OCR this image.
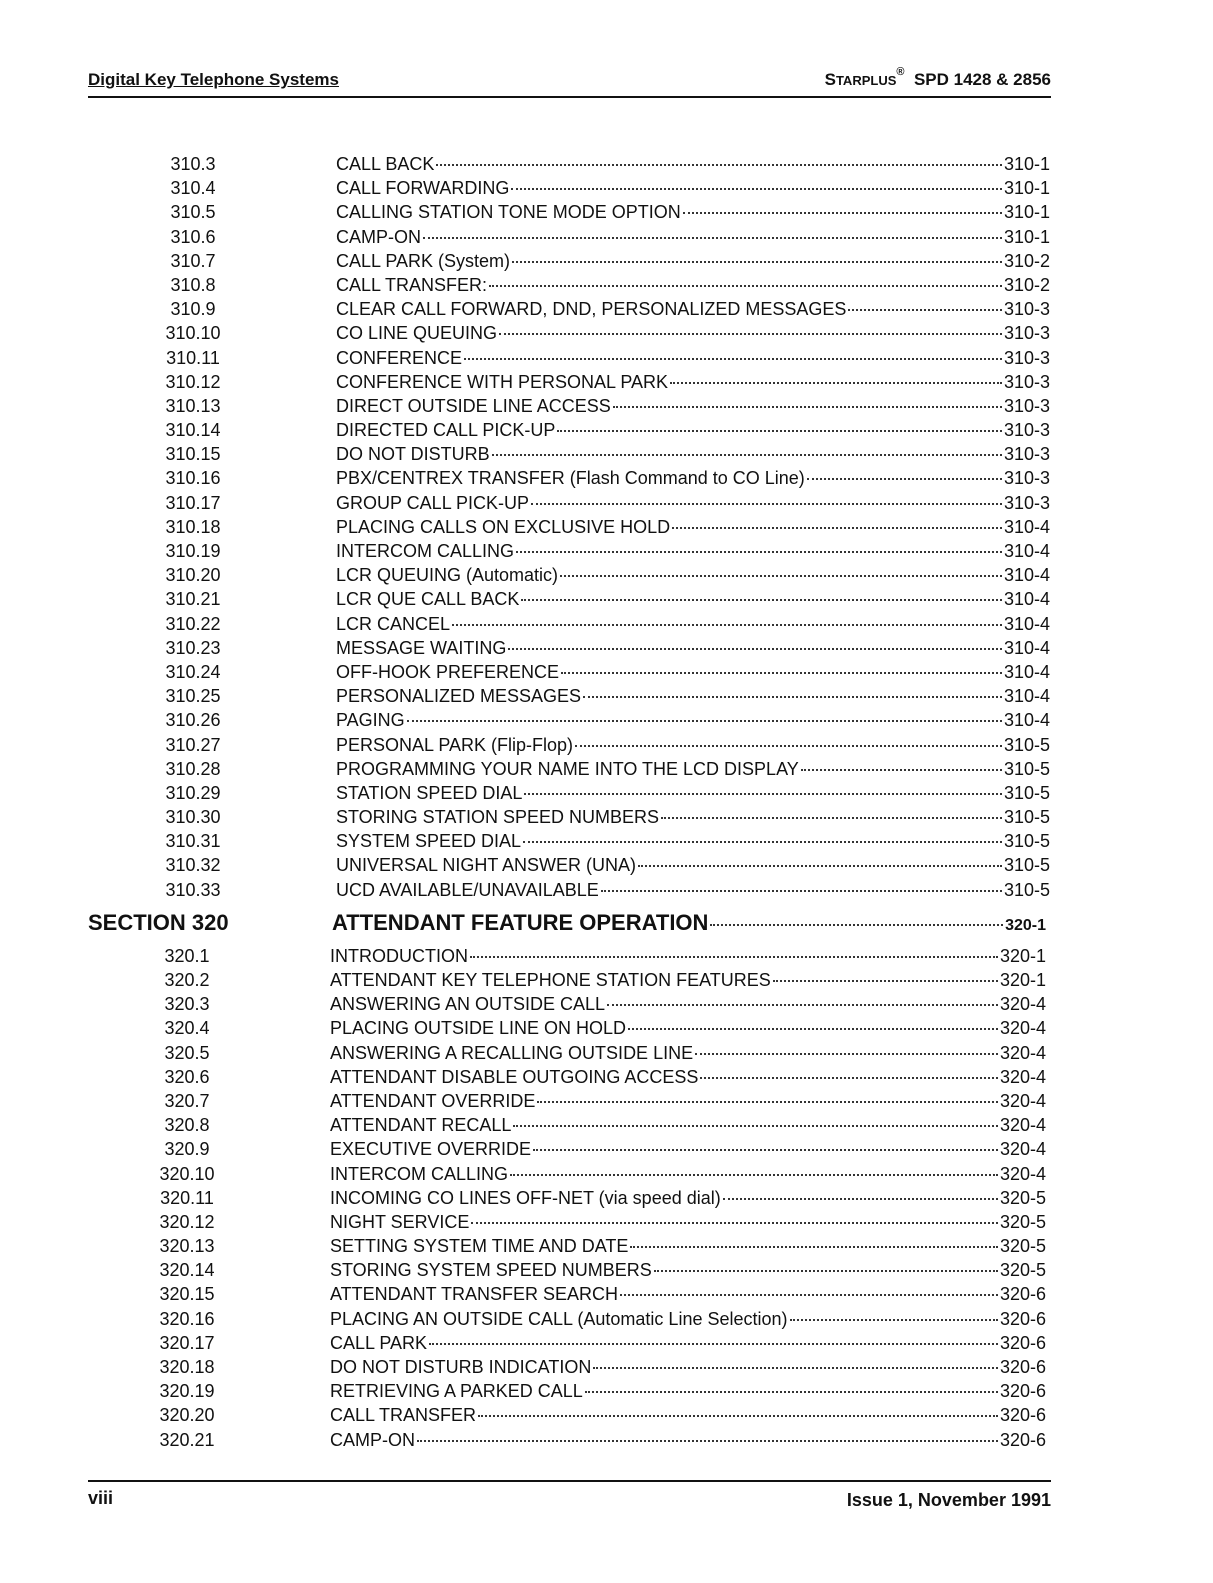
Digital Key Telephone Systems	STARPLUS® SPD 1428 & 2856
310.3	CALL BACK	310-1
310.4	CALL FORWARDING	310-1
310.5	CALLING STATION TONE MODE OPTION	310-1
310.6	CAMP-ON	310-1
310.7	CALL PARK (System)	310-2
310.8	CALL TRANSFER:	310-2
310.9	CLEAR CALL FORWARD, DND, PERSONALIZED MESSAGES	310-3
310.10	CO LINE QUEUING	310-3
310.11	CONFERENCE	310-3
310.12	CONFERENCE WITH PERSONAL PARK	310-3
310.13	DIRECT OUTSIDE LINE ACCESS	310-3
310.14	DIRECTED CALL PICK-UP	310-3
310.15	DO NOT DISTURB	310-3
310.16	PBX/CENTREX TRANSFER (Flash Command to CO Line)	310-3
310.17	GROUP CALL PICK-UP	310-3
310.18	PLACING CALLS ON EXCLUSIVE HOLD	310-4
310.19	INTERCOM CALLING	310-4
310.20	LCR QUEUING (Automatic)	310-4
310.21	LCR QUE CALL BACK	310-4
310.22	LCR CANCEL	310-4
310.23	MESSAGE WAITING	310-4
310.24	OFF-HOOK PREFERENCE	310-4
310.25	PERSONALIZED MESSAGES	310-4
310.26	PAGING	310-4
310.27	PERSONAL PARK (Flip-Flop)	310-5
310.28	PROGRAMMING YOUR NAME INTO THE LCD DISPLAY	310-5
310.29	STATION SPEED DIAL	310-5
310.30	STORING STATION SPEED NUMBERS	310-5
310.31	SYSTEM SPEED DIAL	310-5
310.32	UNIVERSAL NIGHT ANSWER (UNA)	310-5
310.33	UCD AVAILABLE/UNAVAILABLE	310-5
SECTION 320	ATTENDANT FEATURE OPERATION	320-1
320.1	INTRODUCTION	320-1
320.2	ATTENDANT KEY TELEPHONE STATION FEATURES	320-1
320.3	ANSWERING AN OUTSIDE CALL	320-4
320.4	PLACING OUTSIDE LINE ON HOLD	320-4
320.5	ANSWERING A RECALLING OUTSIDE LINE	320-4
320.6	ATTENDANT DISABLE OUTGOING ACCESS	320-4
320.7	ATTENDANT OVERRIDE	320-4
320.8	ATTENDANT RECALL	320-4
320.9	EXECUTIVE OVERRIDE	320-4
320.10	INTERCOM CALLING	320-4
320.11	INCOMING CO LINES OFF-NET (via speed dial)	320-5
320.12	NIGHT SERVICE	320-5
320.13	SETTING SYSTEM TIME AND DATE	320-5
320.14	STORING SYSTEM SPEED NUMBERS	320-5
320.15	ATTENDANT TRANSFER SEARCH	320-6
320.16	PLACING AN OUTSIDE CALL (Automatic Line Selection)	320-6
320.17	CALL PARK	320-6
320.18	DO NOT DISTURB INDICATION	320-6
320.19	RETRIEVING A PARKED CALL	320-6
320.20	CALL TRANSFER	320-6
320.21	CAMP-ON	320-6
viii	Issue 1, November 1991
